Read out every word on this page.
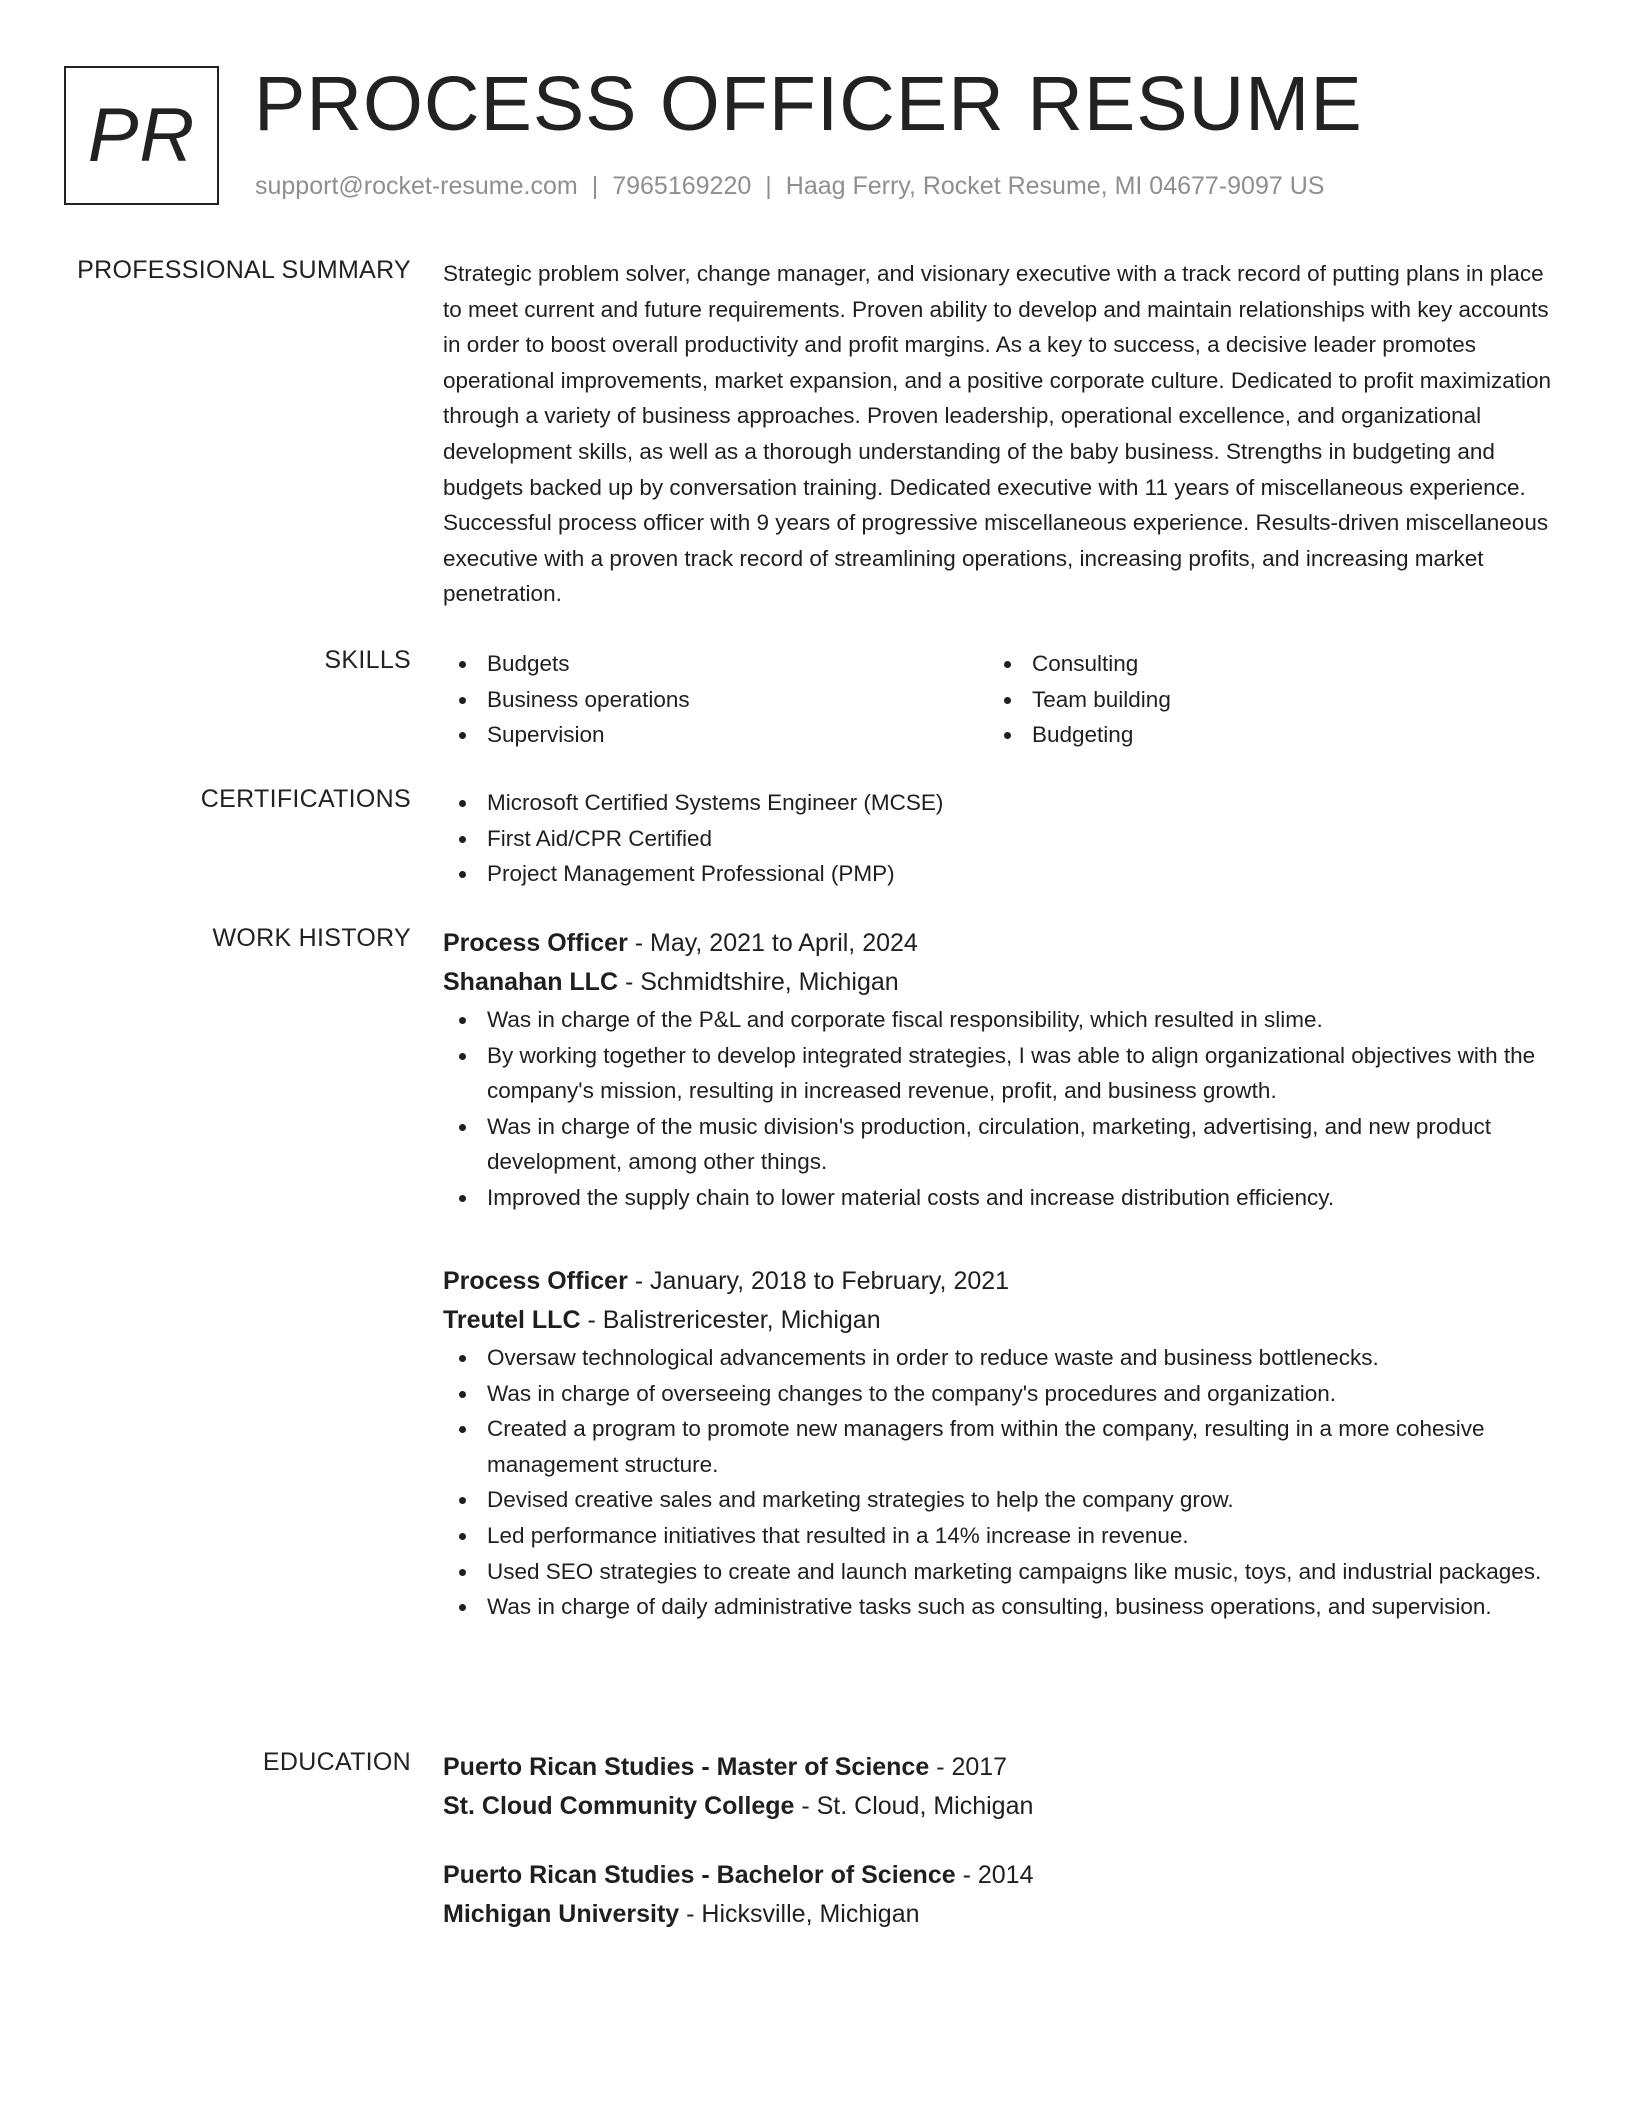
PR PROCESS OFFICER RESUME
support@rocket-resume.com | 7965169220 | Haag Ferry, Rocket Resume, MI 04677-9097 US
PROFESSIONAL SUMMARY Strategic problem solver, change manager, and visionary executive with a track record of putting plans in place to meet current and future requirements. Proven ability to develop and maintain relationships with key accounts in order to boost overall productivity and profit margins. As a key to success, a decisive leader promotes operational improvements, market expansion, and a positive corporate culture. Dedicated to profit maximization through a variety of business approaches. Proven leadership, operational excellence, and organizational development skills, as well as a thorough understanding of the baby business. Strengths in budgeting and budgets backed up by conversation training. Dedicated executive with 11 years of miscellaneous experience. Successful process officer with 9 years of progressive miscellaneous experience. Results-driven miscellaneous executive with a proven track record of streamlining operations, increasing profits, and increasing market penetration.

SKILLS	Budgets
Business operations
Supervision
Consulting
Team building
Budgeting
CERTIFICATIONS	Microsoft Certified Systems Engineer (MCSE)
First Aid/CPR Certified
Project Management Professional (PMP)
WORK HISTORY Process Officer - May, 2021 to April, 2024
Shanahan LLC - Schmidtshire, Michigan
Was in charge of the P&L and corporate fiscal responsibility, which resulted in slime.
By working together to develop integrated strategies, I was able to align organizational objectives with the company's mission, resulting in increased revenue, profit, and business growth.
Was in charge of the music division's production, circulation, marketing, advertising, and new product development, among other things.
Improved the supply chain to lower material costs and increase distribution efficiency.
Process Officer - January, 2018 to February, 2021
Treutel LLC - Balistrericester, Michigan
Oversaw technological advancements in order to reduce waste and business bottlenecks.
Was in charge of overseeing changes to the company's procedures and organization.
Created a program to promote new managers from within the company, resulting in a more cohesive management structure.
Devised creative sales and marketing strategies to help the company grow.
Led performance initiatives that resulted in a 14% increase in revenue.
Used SEO strategies to create and launch marketing campaigns like music, toys, and industrial packages.
Was in charge of daily administrative tasks such as consulting, business operations, and supervision.
EDUCATION Puerto Rican Studies - Master of Science - 2017
St. Cloud Community College - St. Cloud, Michigan
Puerto Rican Studies - Bachelor of Science - 2014
Michigan University - Hicksville, Michigan
